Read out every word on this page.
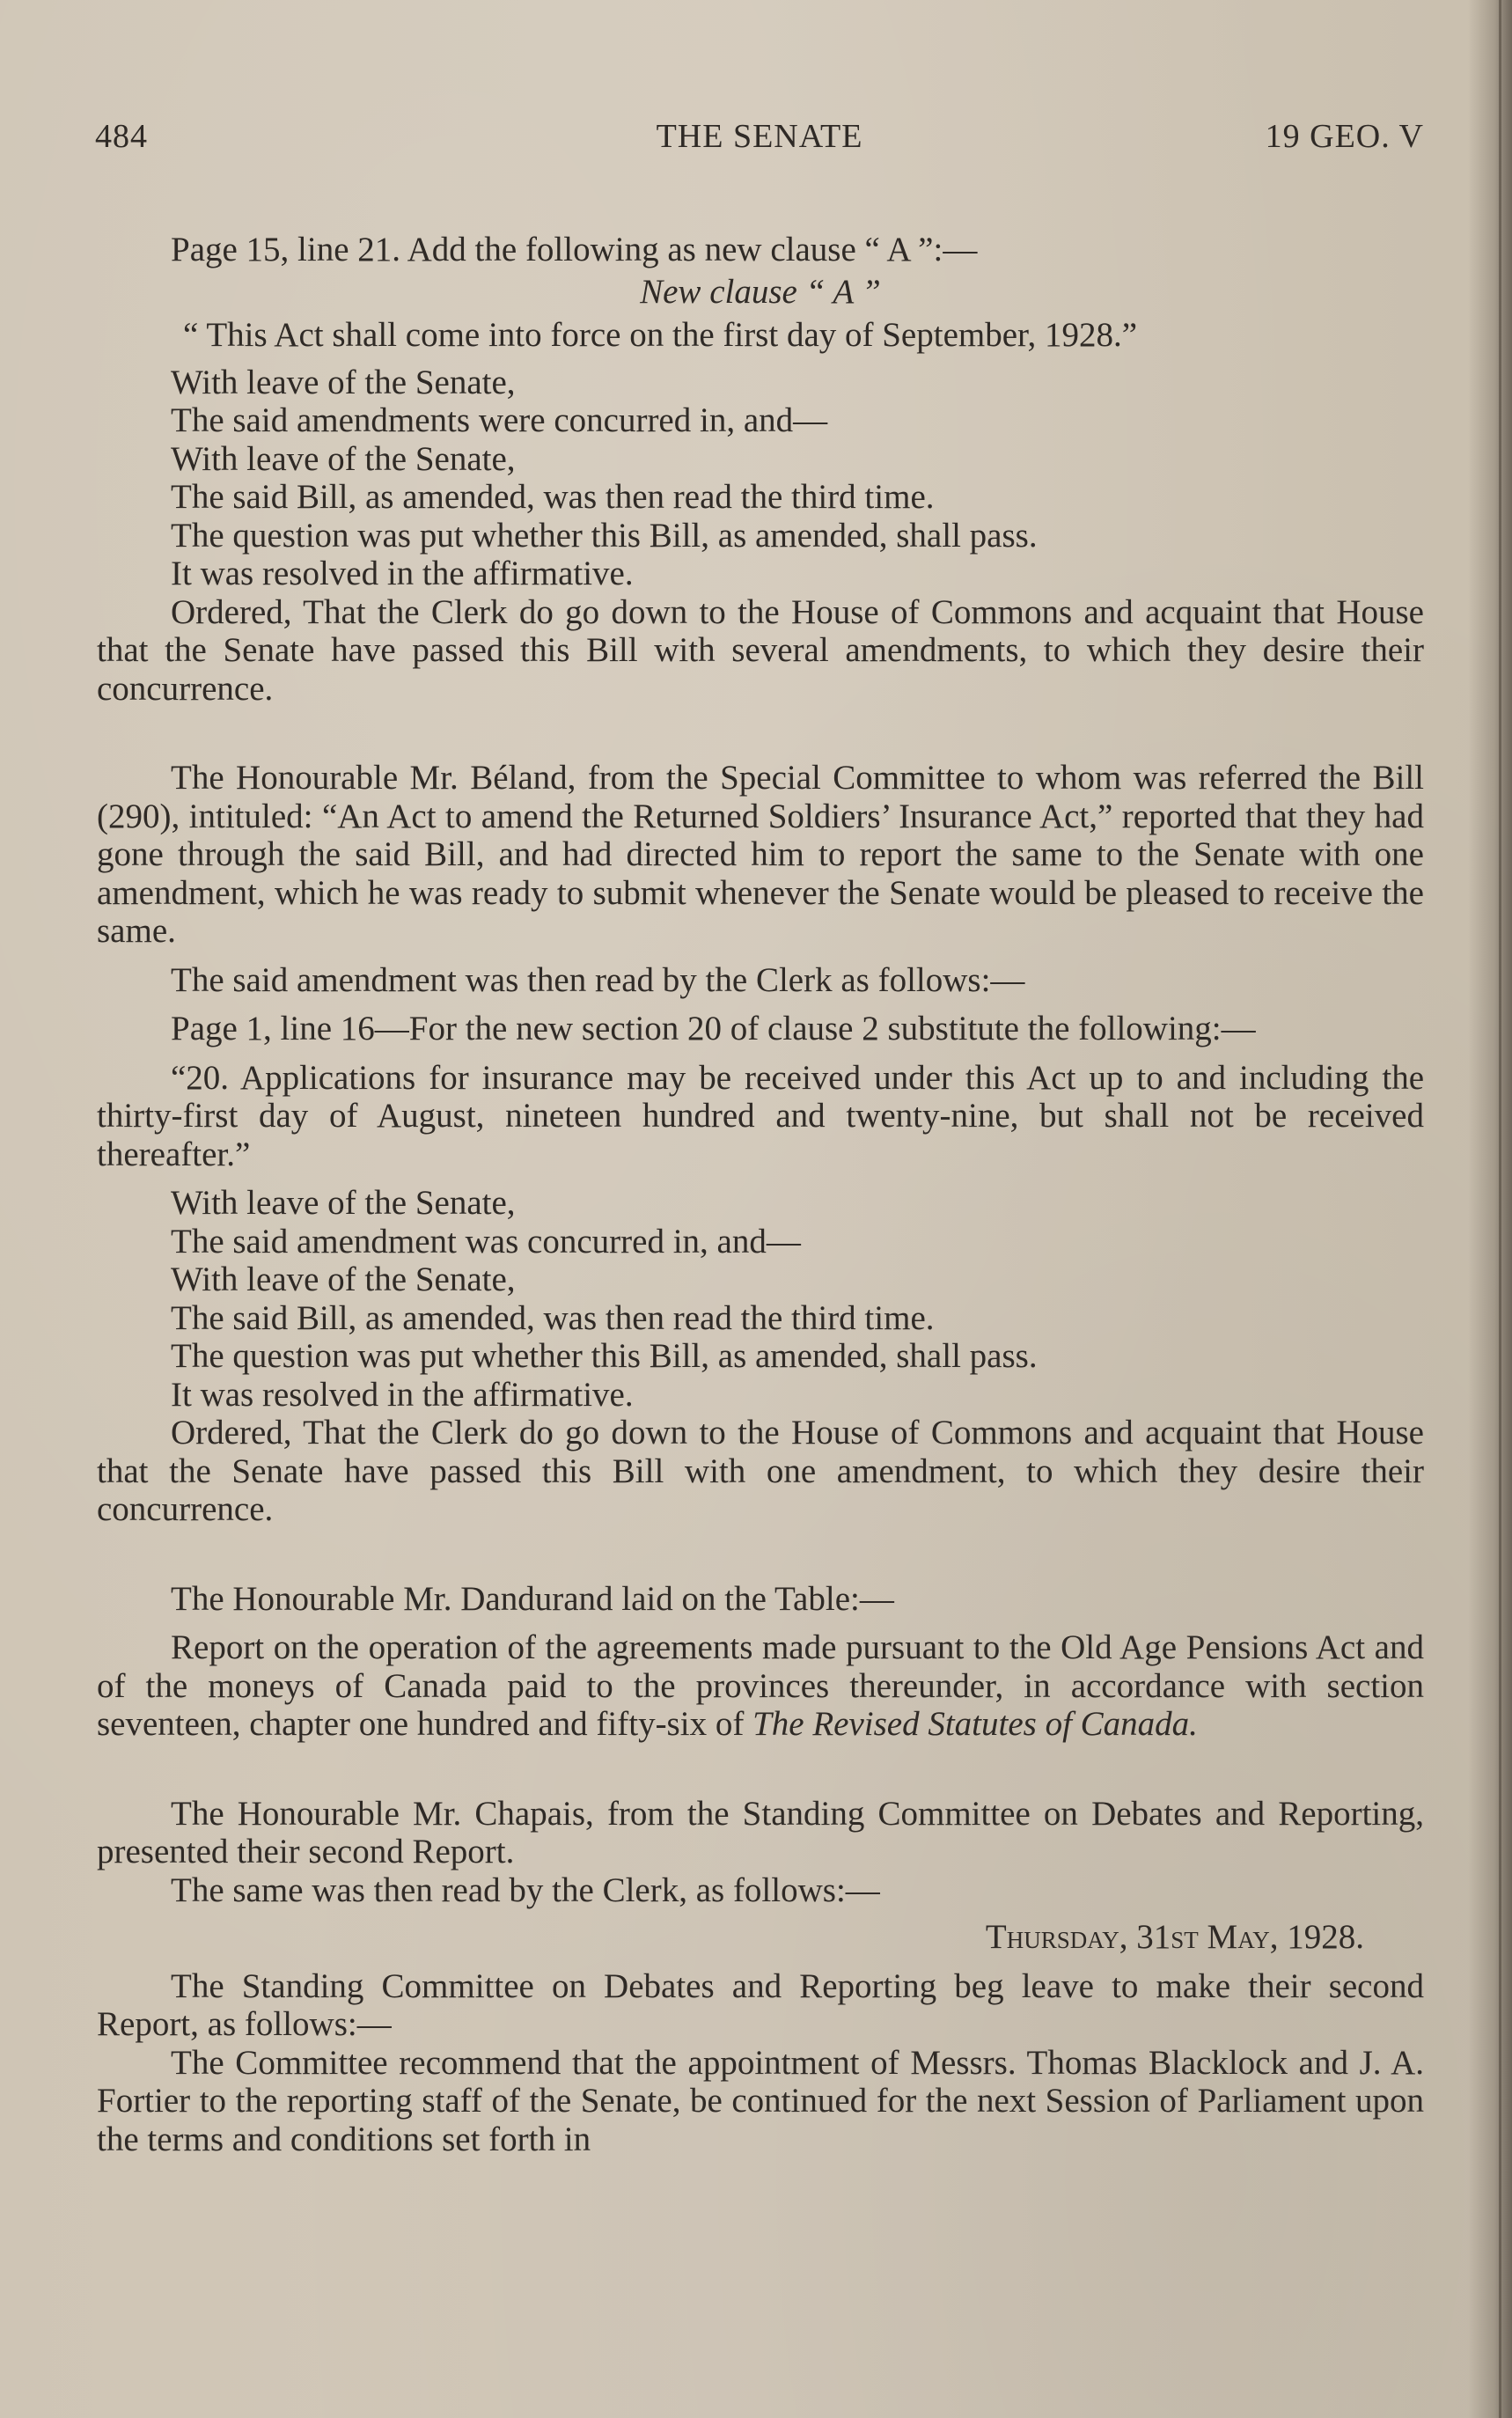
484	THE SENATE	19 GEO. V

Page 15, line 21. Add the following as new clause “ A ”:—

New clause “ A ”
“ This Act shall come into force on the first day of September, 1928.”
With leave of the Senate,
The said amendments were concurred in, and—
With leave of the Senate,
The said Bill, as amended, was then read the third time.
The question was put whether this Bill, as amended, shall pass.
It was resolved in the affirmative.

Ordered, That the Clerk do go down to the House of Commons and acquaint that House that the Senate have passed this Bill with several amendments, to which they desire their concurrence.

The Honourable Mr. Béland, from the Special Committee to whom was referred the Bill (290), intituled: “An Act to amend the Returned Soldiers’ Insurance Act,” reported that they had gone through the said Bill, and had directed him to report the same to the Senate with one amendment, which he was ready to submit whenever the Senate would be pleased to receive the same.

The said amendment was then read by the Clerk as follows:—

Page 1, line 16—For the new section 20 of clause 2 substitute the following:—

“20. Applications for insurance may be received under this Act up to and including the thirty-first day of August, nineteen hundred and twenty-nine, but shall not be received thereafter.”

With leave of the Senate,
The said amendment was concurred in, and—
With leave of the Senate,
The said Bill, as amended, was then read the third time.
The question was put whether this Bill, as amended, shall pass.
It was resolved in the affirmative.

Ordered, That the Clerk do go down to the House of Commons and acquaint that House that the Senate have passed this Bill with one amendment, to which they desire their concurrence.

The Honourable Mr. Dandurand laid on the Table:—

Report on the operation of the agreements made pursuant to the Old Age Pensions Act and of the moneys of Canada paid to the provinces thereunder, in accordance with section seventeen, chapter one hundred and fifty-six of The Revised Statutes of Canada.

The Honourable Mr. Chapais, from the Standing Committee on Debates and Reporting, presented their second Report.

The same was then read by the Clerk, as follows:—

Thursday, 31st May, 1928.

The Standing Committee on Debates and Reporting beg leave to make their second Report, as follows:—

The Committee recommend that the appointment of Messrs. Thomas Blacklock and J. A. Fortier to the reporting staff of the Senate, be continued for the next Session of Parliament upon the terms and conditions set forth in
